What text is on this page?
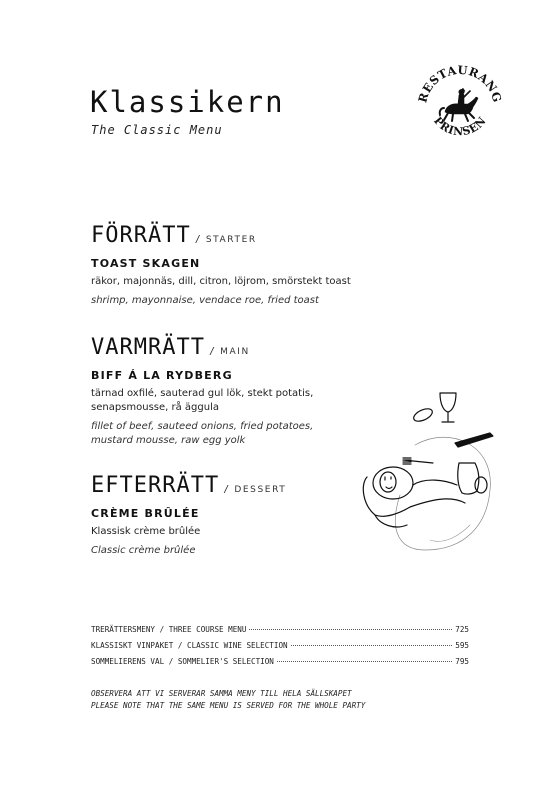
Klassikern
The Classic Menu
RESTAURANG
PRINSEN
FÖRRÄTT / STARTER
TOAST SKAGEN
räkor, majonnäs, dill, citron, löjrom, smörstekt toast
shrimp, mayonnaise, vendace roe, fried toast
VARMRÄTT / MAIN
BIFF Á LA RYDBERG
tärnad oxfilé, sauterad gul lök, stekt potatis, senapsmousse, rå äggula
fillet of beef, sauteed onions, fried potatoes, mustard mousse, raw egg yolk
EFTERRÄTT / DESSERT
CRÈME BRÛLÉE
Klassisk crème brûlée
Classic crème brûlée
TRERÄTTERSMENY / THREE COURSE MENU	725
KLASSISKT VINPAKET / CLASSIC WINE SELECTION	595
SOMMELIERENS VAL / SOMMELIER'S SELECTION	795
OBSERVERA ATT VI SERVERAR SAMMA MENY TILL HELA SÄLLSKAPET
PLEASE NOTE THAT THE SAME MENU IS SERVED FOR THE WHOLE PARTY
